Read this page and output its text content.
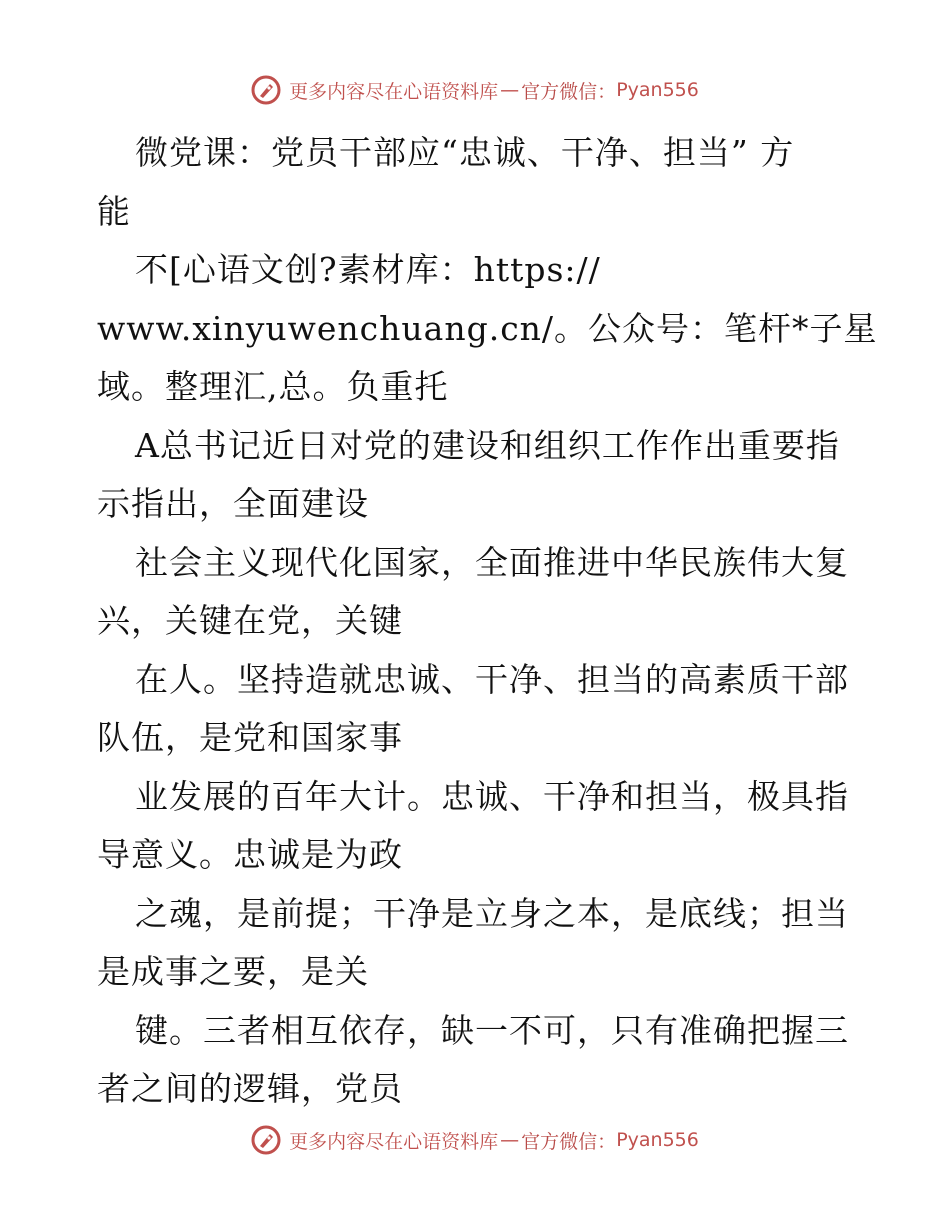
更多内容尽在心语资料库 — 官方微信： Pyan556
微党课：党员干部应“忠诚、干净、担当” 方
能
不[心语文创?素材库：https://
www.xinyuwenchuang.cn/。公众号：笔杆*子星
域。整理汇,总。负重托
A总书记近日对党的建设和组织工作作出重要指
示指出，全面建设
社会主义现代化国家，全面推进中华民族伟大复
兴，关键在党，关键
在人。坚持造就忠诚、干净、担当的高素质干部
队伍，是党和国家事
业发展的百年大计。忠诚、干净和担当，极具指
导意义。忠诚是为政
之魂，是前提；干净是立身之本，是底线；担当
是成事之要，是关
键。三者相互依存，缺一不可，只有准确把握三
者之间的逻辑，党员
更多内容尽在心语资料库 — 官方微信： Pyan556
